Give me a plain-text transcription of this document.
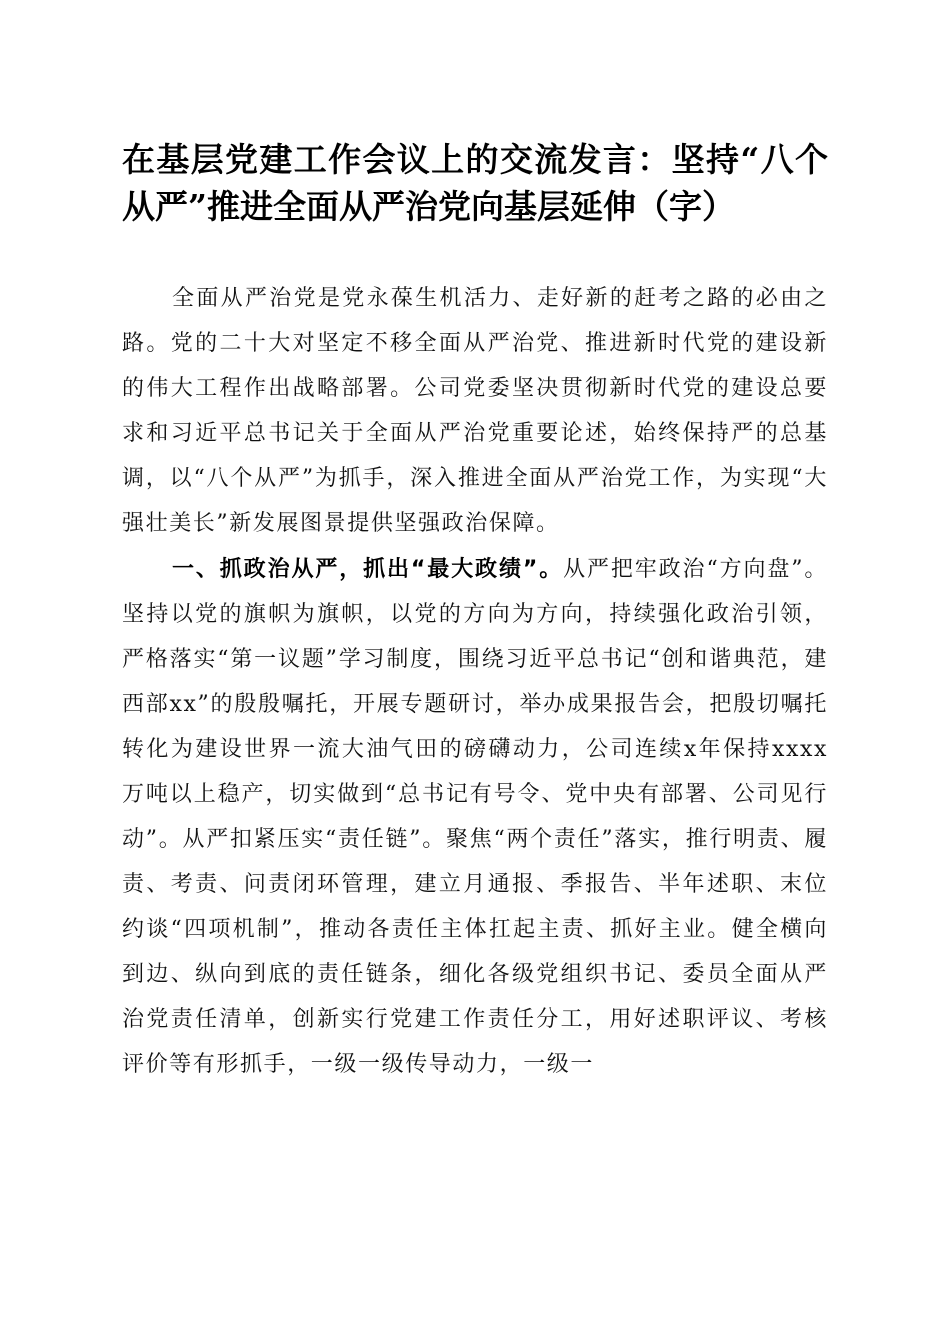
在基层党建工作会议上的交流发言：坚持“八个从严”推进全面从严治党向基层延伸（字）

全面从严治党是党永葆生机活力、走好新的赶考之路的必由之路。党的二十大对坚定不移全面从严治党、推进新时代党的建设新的伟大工程作出战略部署。公司党委坚决贯彻新时代党的建设总要求和习近平总书记关于全面从严治党重要论述，始终保持严的总基调，以“八个从严”为抓手，深入推进全面从严治党工作，为实现“大强壮美长”新发展图景提供坚强政治保障。

一、抓政治从严，抓出“最大政绩”。从严把牢政治“方向盘”。坚持以党的旗帜为旗帜，以党的方向为方向，持续强化政治引领，严格落实“第一议题”学习制度，围绕习近平总书记“创和谐典范，建西部xx”的殷殷嘱托，开展专题研讨，举办成果报告会，把殷切嘱托转化为建设世界一流大油气田的磅礴动力，公司连续x年保持xxxx万吨以上稳产，切实做到“总书记有号令、党中央有部署、公司见行动”。从严扣紧压实“责任链”。聚焦“两个责任”落实，推行明责、履责、考责、问责闭环管理，建立月通报、季报告、半年述职、末位约谈“四项机制”，推动各责任主体扛起主责、抓好主业。健全横向到边、纵向到底的责任链条，细化各级党组织书记、委员全面从严治党责任清单，创新实行党建工作责任分工，用好述职评议、考核评价等有形抓手，一级一级传导动力，一级一
